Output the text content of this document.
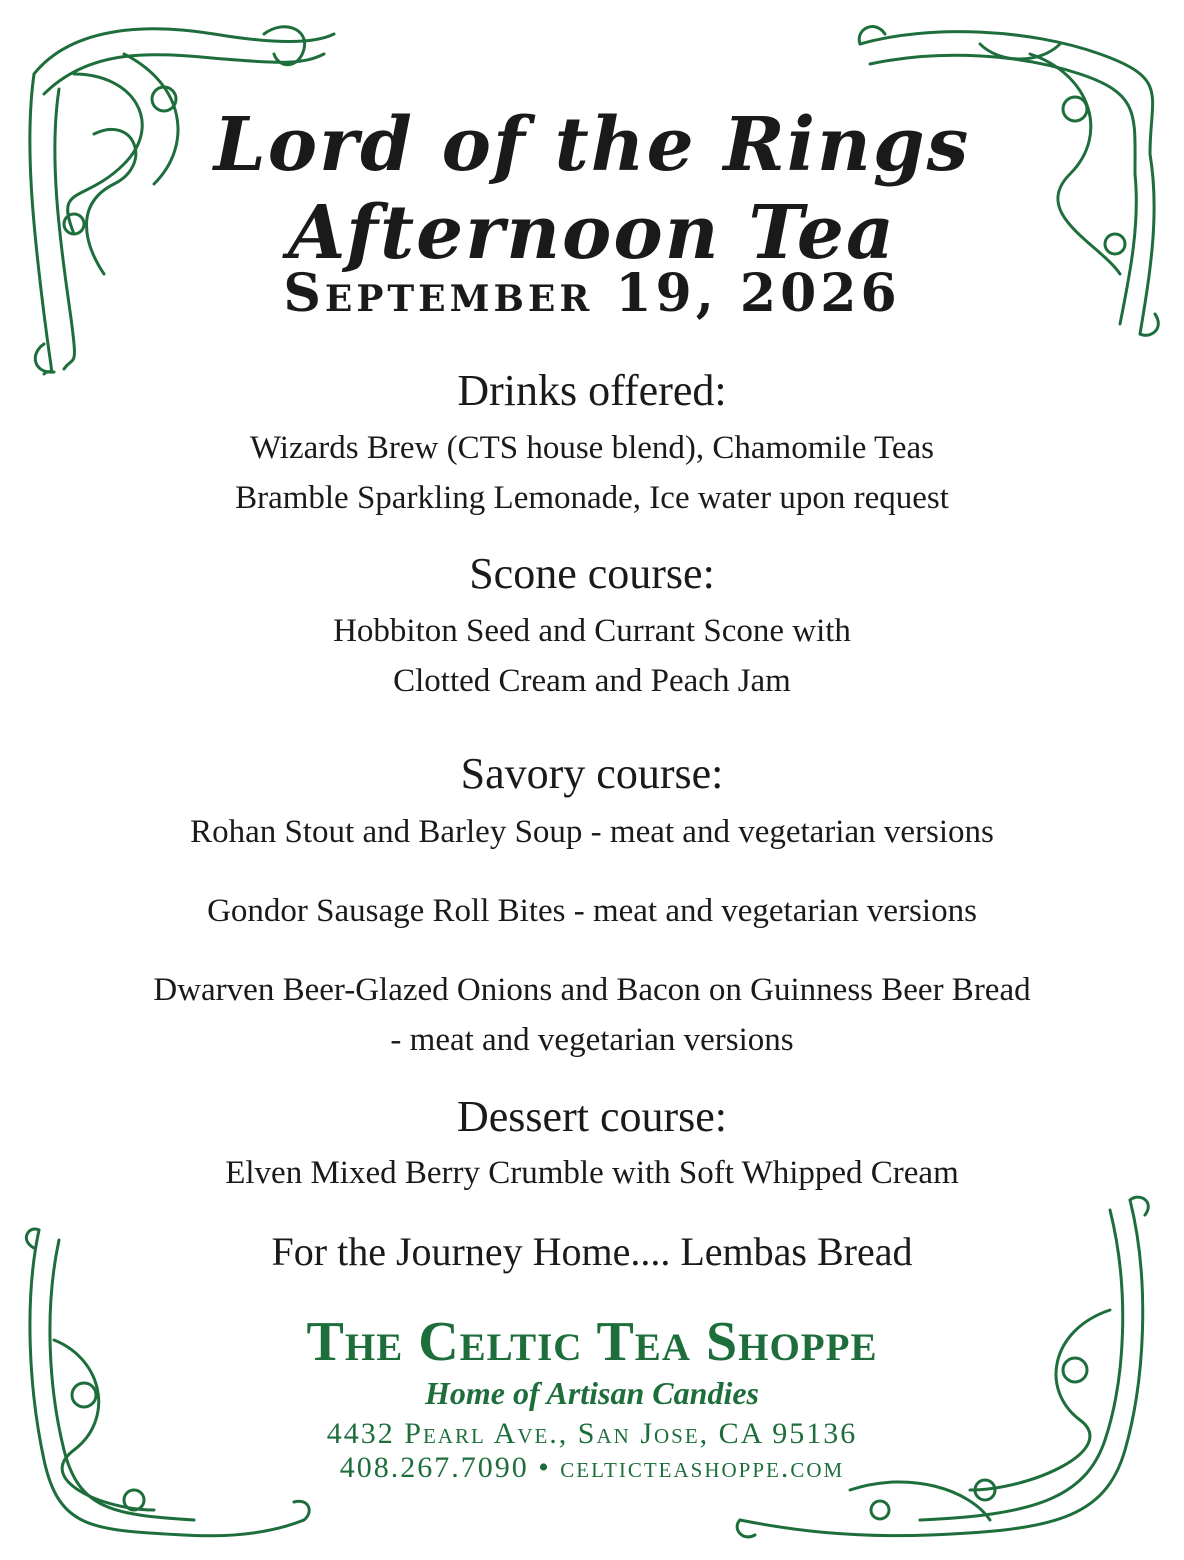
Lord of the Rings
Afternoon Tea
September 19, 2026
Drinks offered:
Wizards Brew (CTS house blend), Chamomile Teas
Bramble Sparkling Lemonade, Ice water upon request
Scone course:
Hobbiton Seed and Currant Scone with
Clotted Cream and Peach Jam
Savory course:
Rohan Stout and Barley Soup - meat and vegetarian versions
Gondor Sausage Roll Bites - meat and vegetarian versions
Dwarven Beer-Glazed Onions and Bacon on Guinness Beer Bread
- meat and vegetarian versions
Dessert course:
Elven Mixed Berry Crumble with Soft Whipped Cream
For the Journey Home.... Lembas Bread
The Celtic Tea Shoppe
Home of Artisan Candies
4432 Pearl Ave., San Jose, CA 95136
408.267.7090 • celticteashoppe.com
